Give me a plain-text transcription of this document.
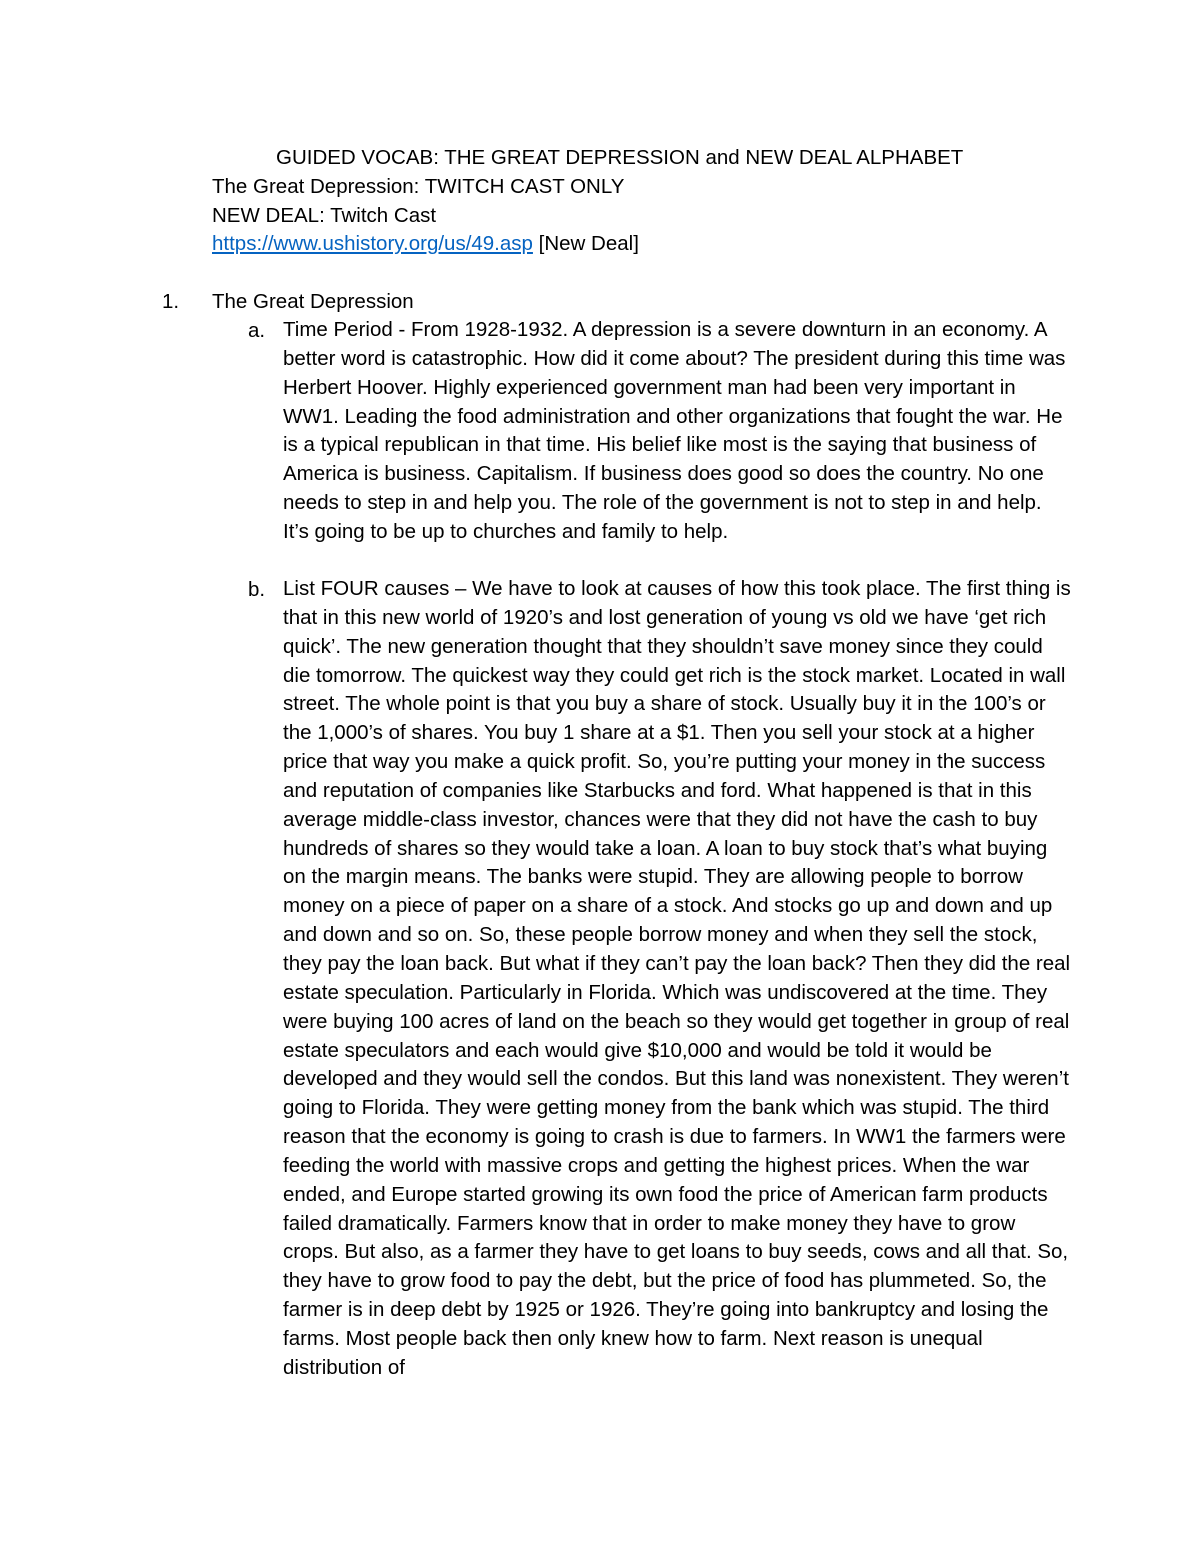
GUIDED VOCAB: THE GREAT DEPRESSION and NEW DEAL ALPHABET
The Great Depression: TWITCH CAST ONLY
NEW DEAL: Twitch Cast
https://www.ushistory.org/us/49.asp [New Deal]
1. The Great Depression
a. Time Period - From 1928-1932. A depression is a severe downturn in an economy. A better word is catastrophic. How did it come about? The president during this time was Herbert Hoover. Highly experienced government man had been very important in WW1. Leading the food administration and other organizations that fought the war. He is a typical republican in that time. His belief like most is the saying that business of America is business. Capitalism. If business does good so does the country. No one needs to step in and help you. The role of the government is not to step in and help. It’s going to be up to churches and family to help.
b. List FOUR causes – We have to look at causes of how this took place. The first thing is that in this new world of 1920’s and lost generation of young vs old we have ‘get rich quick’. The new generation thought that they shouldn’t save money since they could die tomorrow. The quickest way they could get rich is the stock market. Located in wall street. The whole point is that you buy a share of stock. Usually buy it in the 100’s or the 1,000’s of shares. You buy 1 share at a $1. Then you sell your stock at a higher price that way you make a quick profit. So, you’re putting your money in the success and reputation of companies like Starbucks and ford. What happened is that in this average middle-class investor, chances were that they did not have the cash to buy hundreds of shares so they would take a loan. A loan to buy stock that’s what buying on the margin means. The banks were stupid. They are allowing people to borrow money on a piece of paper on a share of a stock. And stocks go up and down and up and down and so on. So, these people borrow money and when they sell the stock, they pay the loan back. But what if they can’t pay the loan back? Then they did the real estate speculation. Particularly in Florida. Which was undiscovered at the time. They were buying 100 acres of land on the beach so they would get together in group of real estate speculators and each would give $10,000 and would be told it would be developed and they would sell the condos. But this land was nonexistent. They weren’t going to Florida. They were getting money from the bank which was stupid. The third reason that the economy is going to crash is due to farmers. In WW1 the farmers were feeding the world with massive crops and getting the highest prices. When the war ended, and Europe started growing its own food the price of American farm products failed dramatically. Farmers know that in order to make money they have to grow crops. But also, as a farmer they have to get loans to buy seeds, cows and all that. So, they have to grow food to pay the debt, but the price of food has plummeted. So, the farmer is in deep debt by 1925 or 1926. They’re going into bankruptcy and losing the farms. Most people back then only knew how to farm. Next reason is unequal distribution of
